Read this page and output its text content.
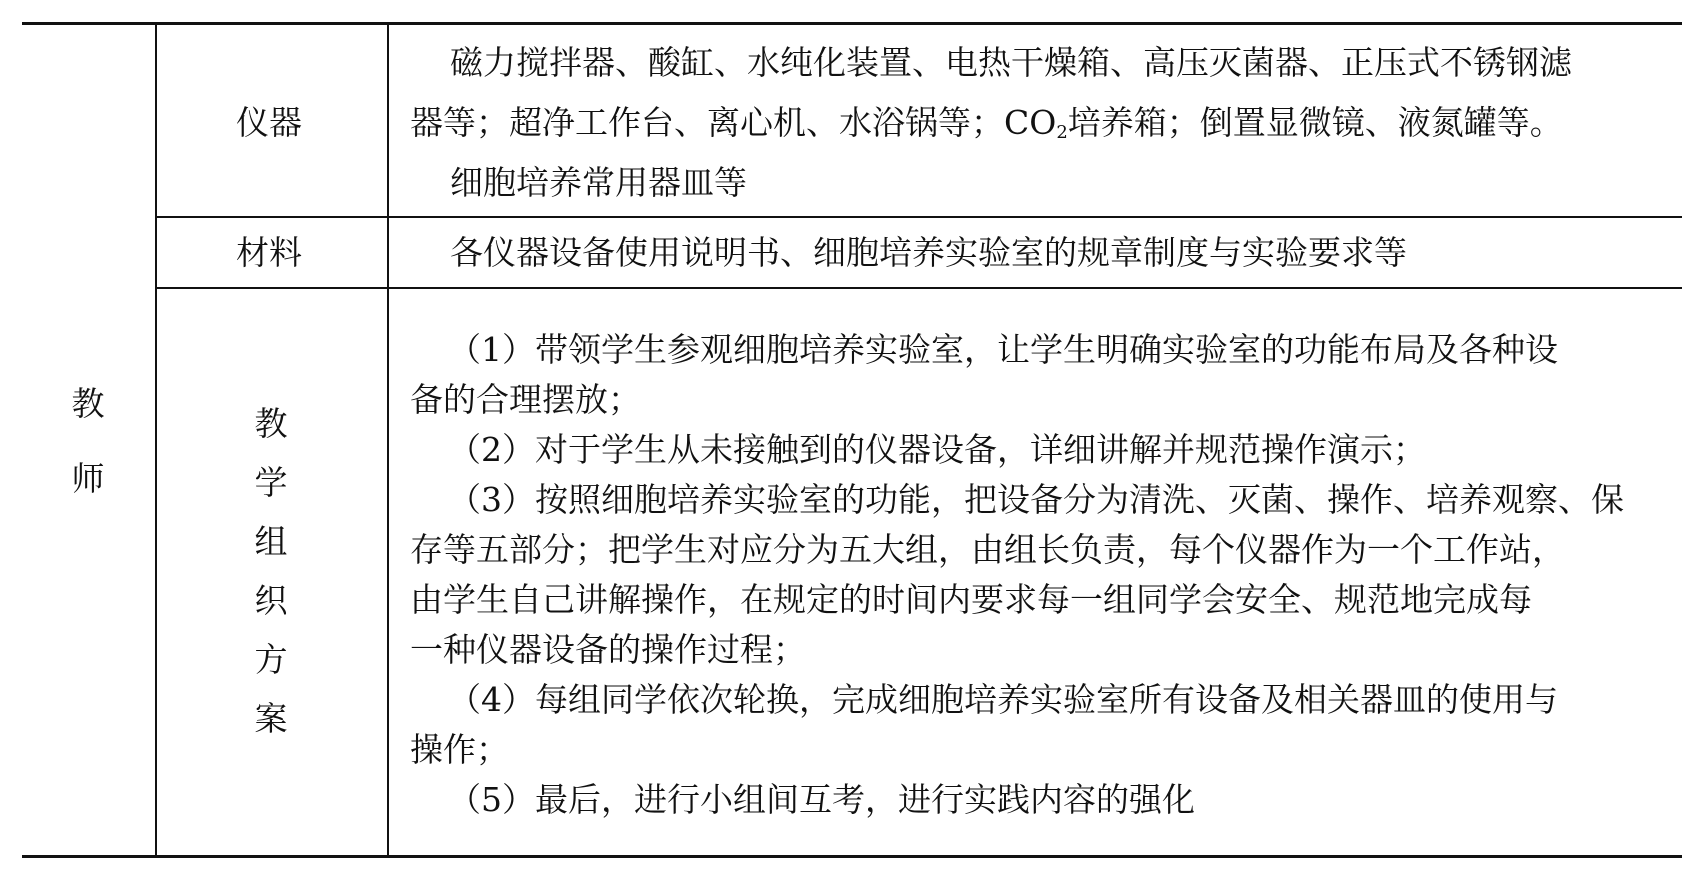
教
师
仪器
磁力搅拌器、酸缸、水纯化装置、电热干燥箱、高压灭菌器、正压式不锈钢滤
器等；超净工作台、离心机、水浴锅等；$CO_2$培养箱；倒置显微镜、液氮罐等。
细胞培养常用器皿等
材料	各仪器设备使用说明书、细胞培养实验室的规章制度与实验要求等
教
学
组
织
方
案
（1）带领学生参观细胞培养实验室，让学生明确实验室的功能布局及各种设
备的合理摆放；
（2）对于学生从未接触到的仪器设备，详细讲解并规范操作演示；
（3）按照细胞培养实验室的功能，把设备分为清洗、灭菌、操作、培养观察、保
存等五部分；把学生对应分为五大组，由组长负责，每个仪器作为一个工作站，
由学生自己讲解操作，在规定的时间内要求每一组同学会安全、规范地完成每
一种仪器设备的操作过程；
（4）每组同学依次轮换，完成细胞培养实验室所有设备及相关器皿的使用与
操作；
（5）最后，进行小组间互考，进行实践内容的强化
